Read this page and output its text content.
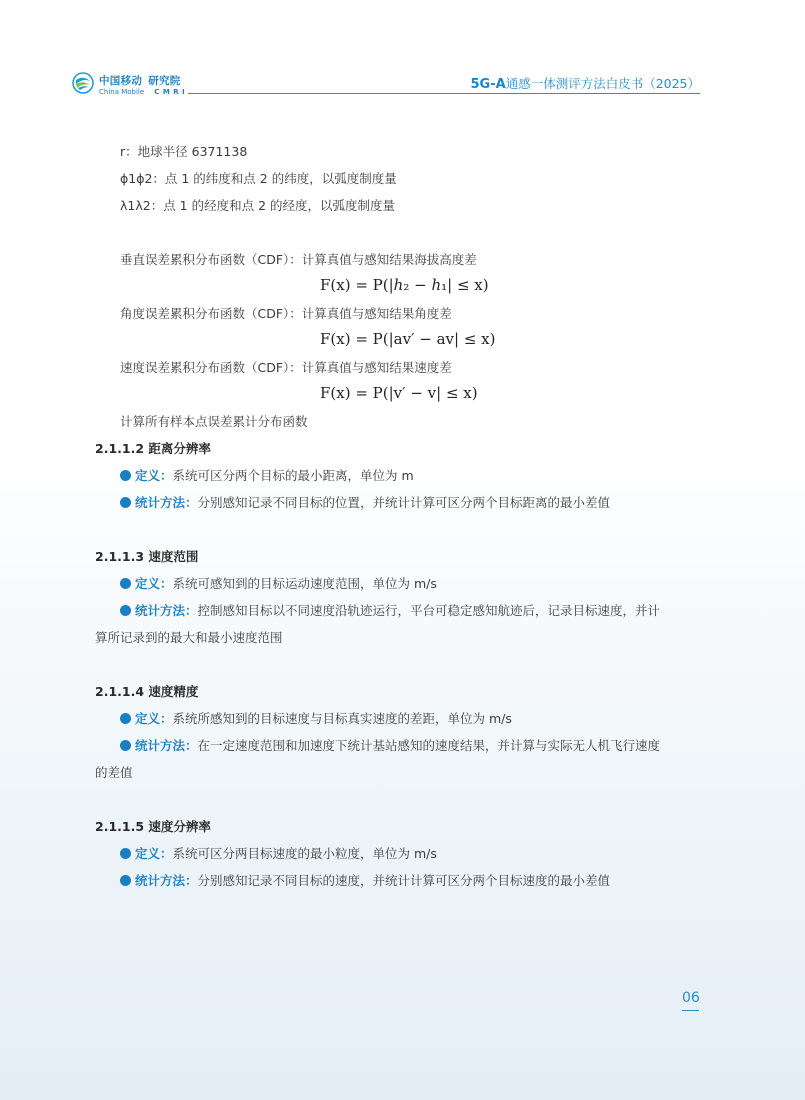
中国移动 研究院
China Mobile CMRI	5G-A通感一体测评方法白皮书（2025）
r：地球半径 6371138
ϕ1ϕ2：点 1 的纬度和点 2 的纬度，以弧度制度量
λ1λ2：点 1 的经度和点 2 的经度，以弧度制度量
垂直误差累积分布函数（CDF）：计算真值与感知结果海拔高度差
F(x) = P(|ℎ₂ − ℎ₁| ≤ x)
角度误差累积分布函数（CDF）：计算真值与感知结果角度差
F(x) = P(|av′ − av| ≤ x)
速度误差累积分布函数（CDF）：计算真值与感知结果速度差
F(x) = P(|v′ − v| ≤ x)
计算所有样本点误差累计分布函数
2.1.1.2 距离分辨率
定义：系统可区分两个目标的最小距离，单位为 m
统计方法：分别感知记录不同目标的位置，并统计计算可区分两个目标距离的最小差值
2.1.1.3 速度范围
定义：系统可感知到的目标运动速度范围，单位为 m/s
统计方法：控制感知目标以不同速度沿轨迹运行，平台可稳定感知航迹后，记录目标速度，并计
算所记录到的最大和最小速度范围
2.1.1.4 速度精度
定义：系统所感知到的目标速度与目标真实速度的差距，单位为 m/s
统计方法：在一定速度范围和加速度下统计基站感知的速度结果，并计算与实际无人机飞行速度
的差值
2.1.1.5 速度分辨率
定义：系统可区分两目标速度的最小粒度，单位为 m/s
统计方法：分别感知记录不同目标的速度，并统计计算可区分两个目标速度的最小差值
06
